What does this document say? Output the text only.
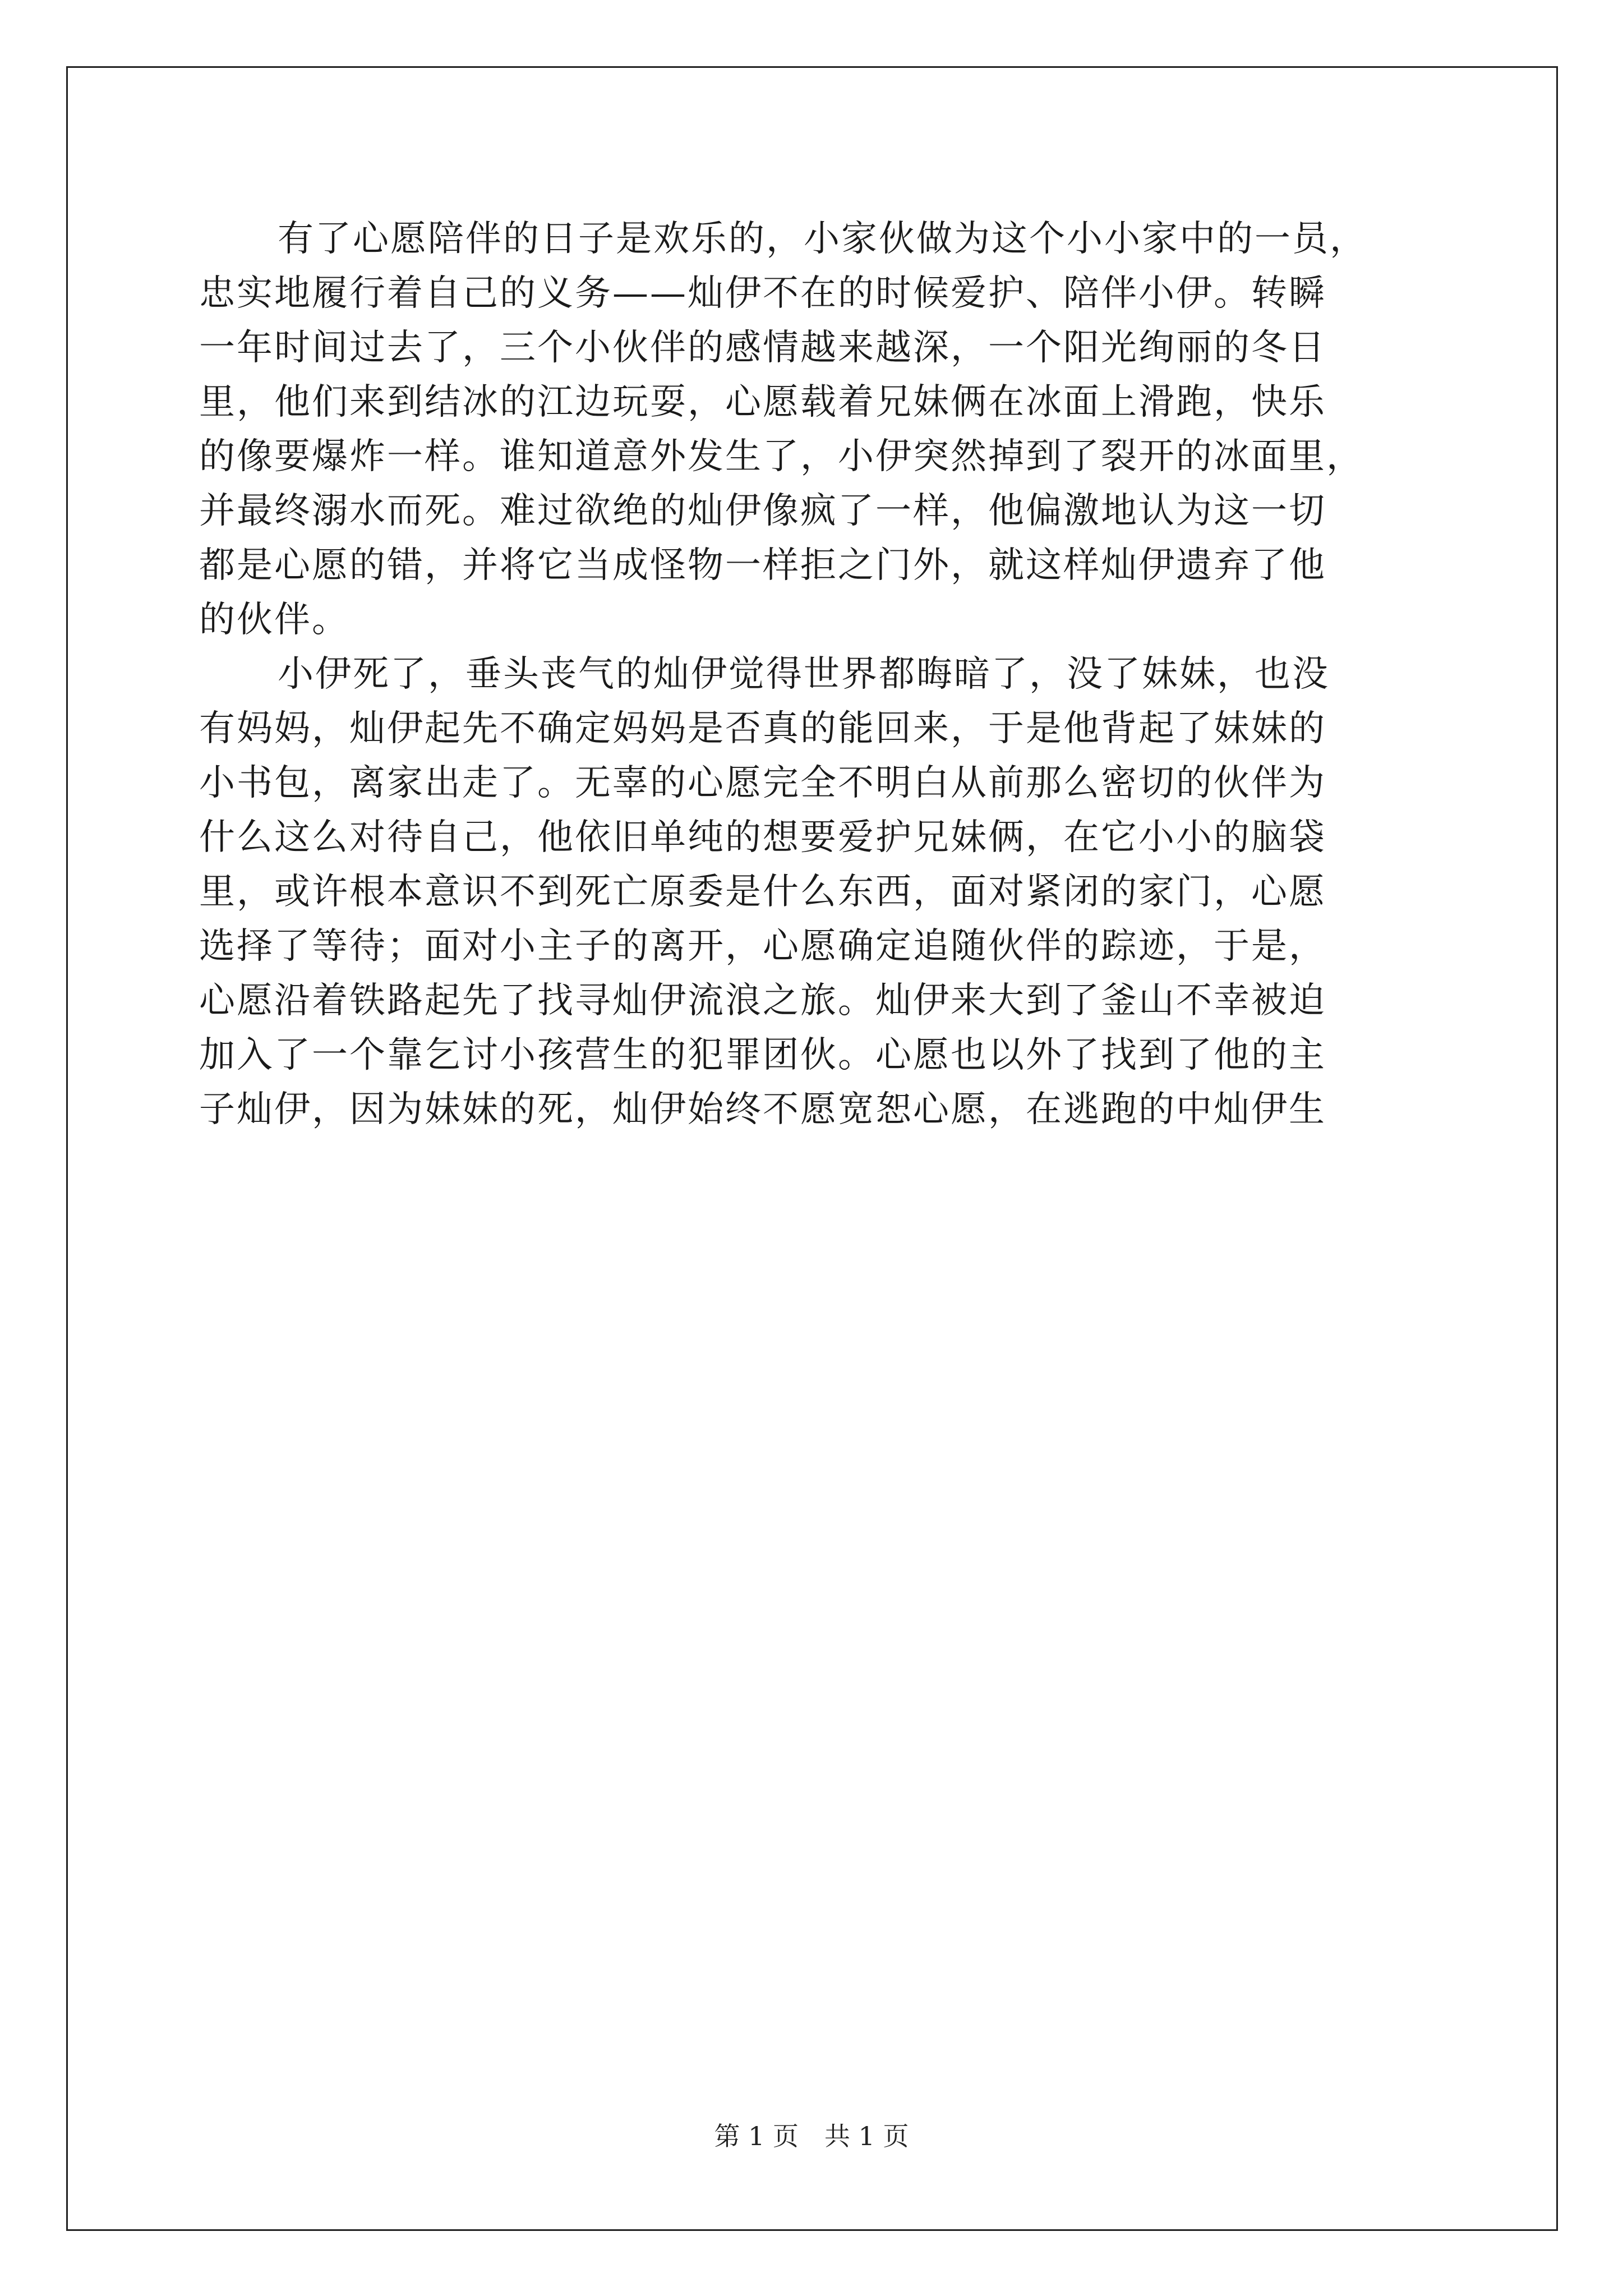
有了心愿陪伴的日子是欢乐的，小家伙做为这个小小家中的一员，
忠实地履行着自己的义务——灿伊不在的时候爱护、陪伴小伊。转瞬
一年时间过去了，三个小伙伴的感情越来越深，一个阳光绚丽的冬日
里，他们来到结冰的江边玩耍，心愿载着兄妹俩在冰面上滑跑，快乐
的像要爆炸一样。谁知道意外发生了，小伊突然掉到了裂开的冰面里，
并最终溺水而死。难过欲绝的灿伊像疯了一样，他偏激地认为这一切
都是心愿的错，并将它当成怪物一样拒之门外，就这样灿伊遗弃了他
的伙伴。
小伊死了，垂头丧气的灿伊觉得世界都晦暗了，没了妹妹，也没
有妈妈，灿伊起先不确定妈妈是否真的能回来，于是他背起了妹妹的
小书包，离家出走了。无辜的心愿完全不明白从前那么密切的伙伴为
什么这么对待自己，他依旧单纯的想要爱护兄妹俩，在它小小的脑袋
里，或许根本意识不到死亡原委是什么东西，面对紧闭的家门，心愿
选择了等待；面对小主子的离开，心愿确定追随伙伴的踪迹，于是，
心愿沿着铁路起先了找寻灿伊流浪之旅。灿伊来大到了釜山不幸被迫
加入了一个靠乞讨小孩营生的犯罪团伙。心愿也以外了找到了他的主
子灿伊，因为妹妹的死，灿伊始终不愿宽恕心愿，在逃跑的中灿伊生
第 1 页　共 1 页
